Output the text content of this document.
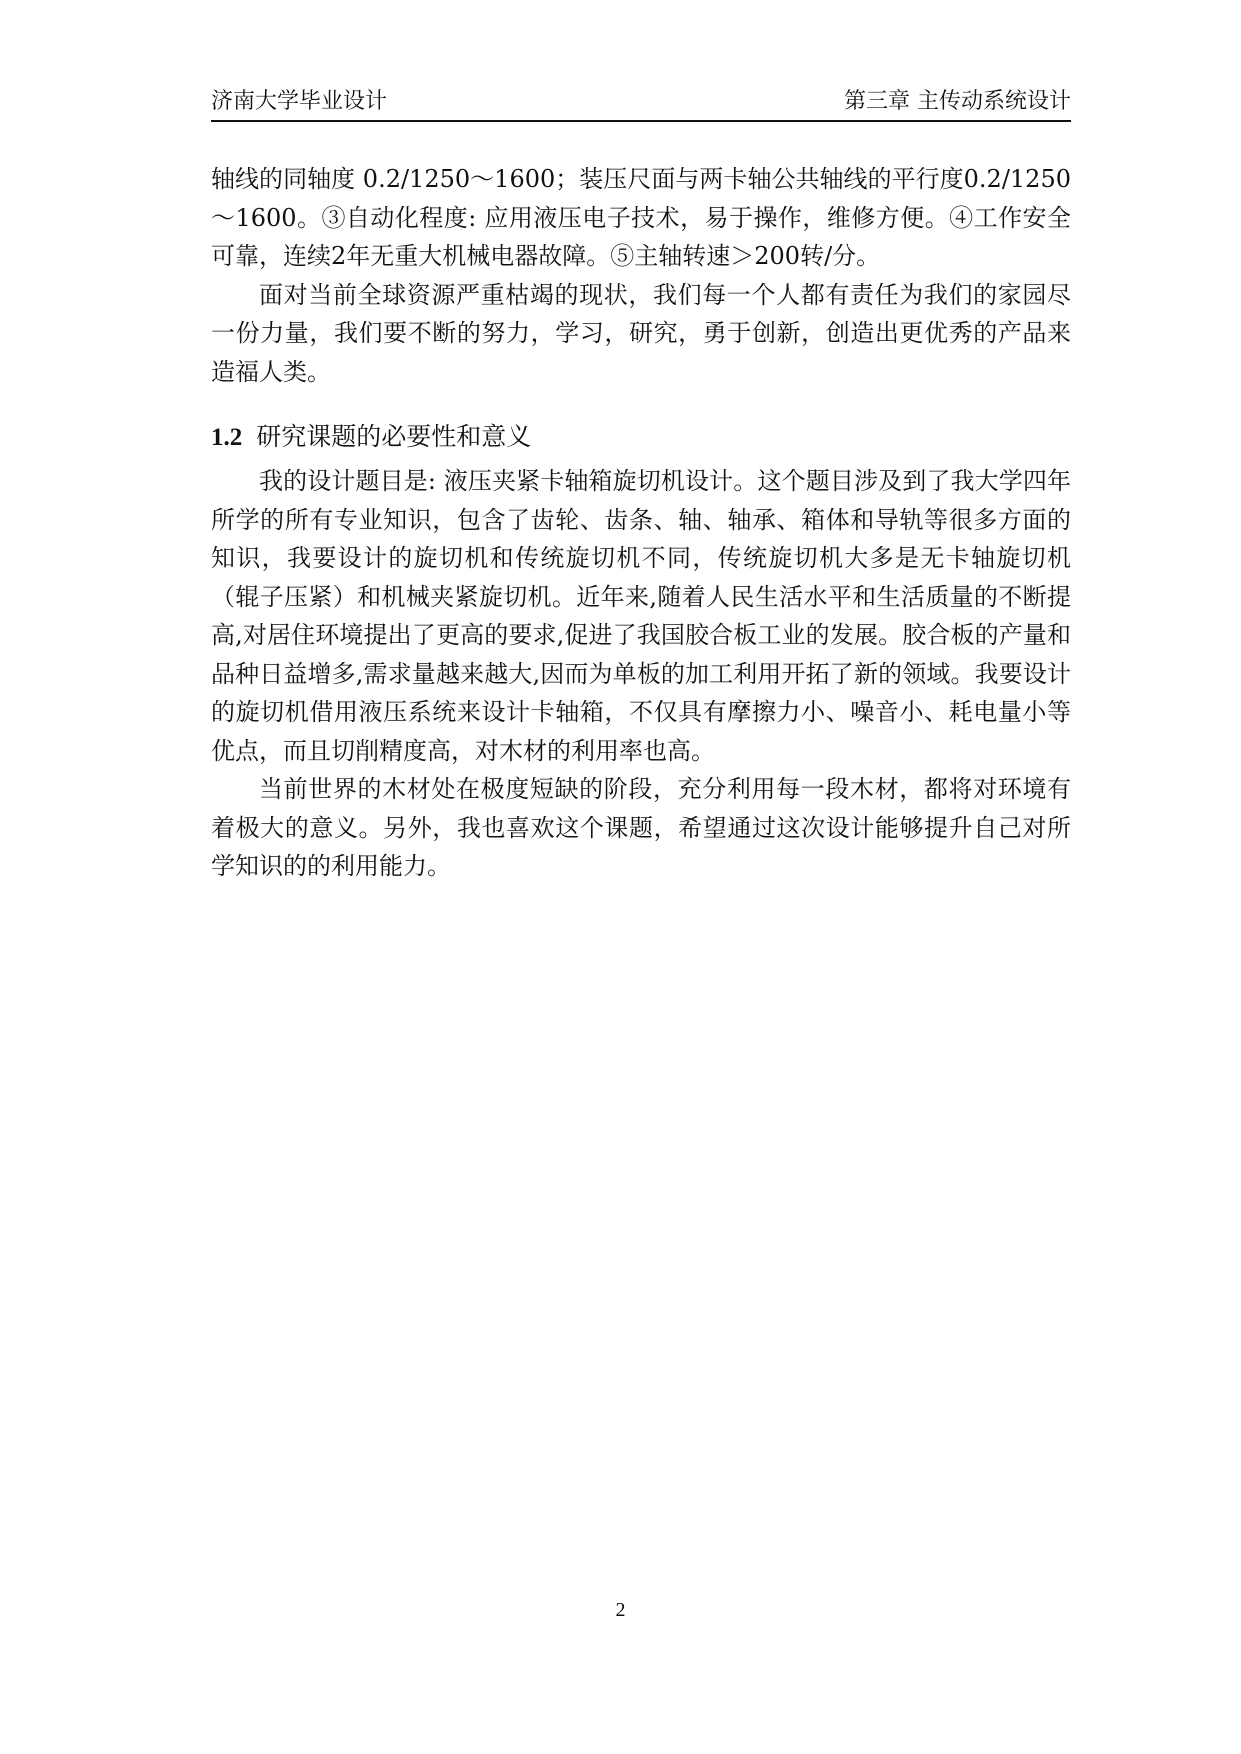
济南大学毕业设计	第三章 主传动系统设计

轴线的同轴度 0.2/1250～1600；装压尺面与两卡轴公共轴线的平行度0.2/1250～1600。③自动化程度: 应用液压电子技术，易于操作，维修方便。④工作安全可靠，连续2年无重大机械电器故障。⑤主轴转速＞200转/分。

面对当前全球资源严重枯竭的现状，我们每一个人都有责任为我们的家园尽一份力量，我们要不断的努力，学习，研究，勇于创新，创造出更优秀的产品来造福人类。

1.2 研究课题的必要性和意义

我的设计题目是: 液压夹紧卡轴箱旋切机设计。这个题目涉及到了我大学四年所学的所有专业知识，包含了齿轮、齿条、轴、轴承、箱体和导轨等很多方面的知识，我要设计的旋切机和传统旋切机不同，传统旋切机大多是无卡轴旋切机（辊子压紧）和机械夹紧旋切机。近年来,随着人民生活水平和生活质量的不断提高,对居住环境提出了更高的要求,促进了我国胶合板工业的发展。胶合板的产量和品种日益增多,需求量越来越大,因而为单板的加工利用开拓了新的领域。我要设计的旋切机借用液压系统来设计卡轴箱，不仅具有摩擦力小、噪音小、耗电量小等优点，而且切削精度高，对木材的利用率也高。

当前世界的木材处在极度短缺的阶段，充分利用每一段木材，都将对环境有着极大的意义。另外，我也喜欢这个课题，希望通过这次设计能够提升自己对所学知识的的利用能力。

2
